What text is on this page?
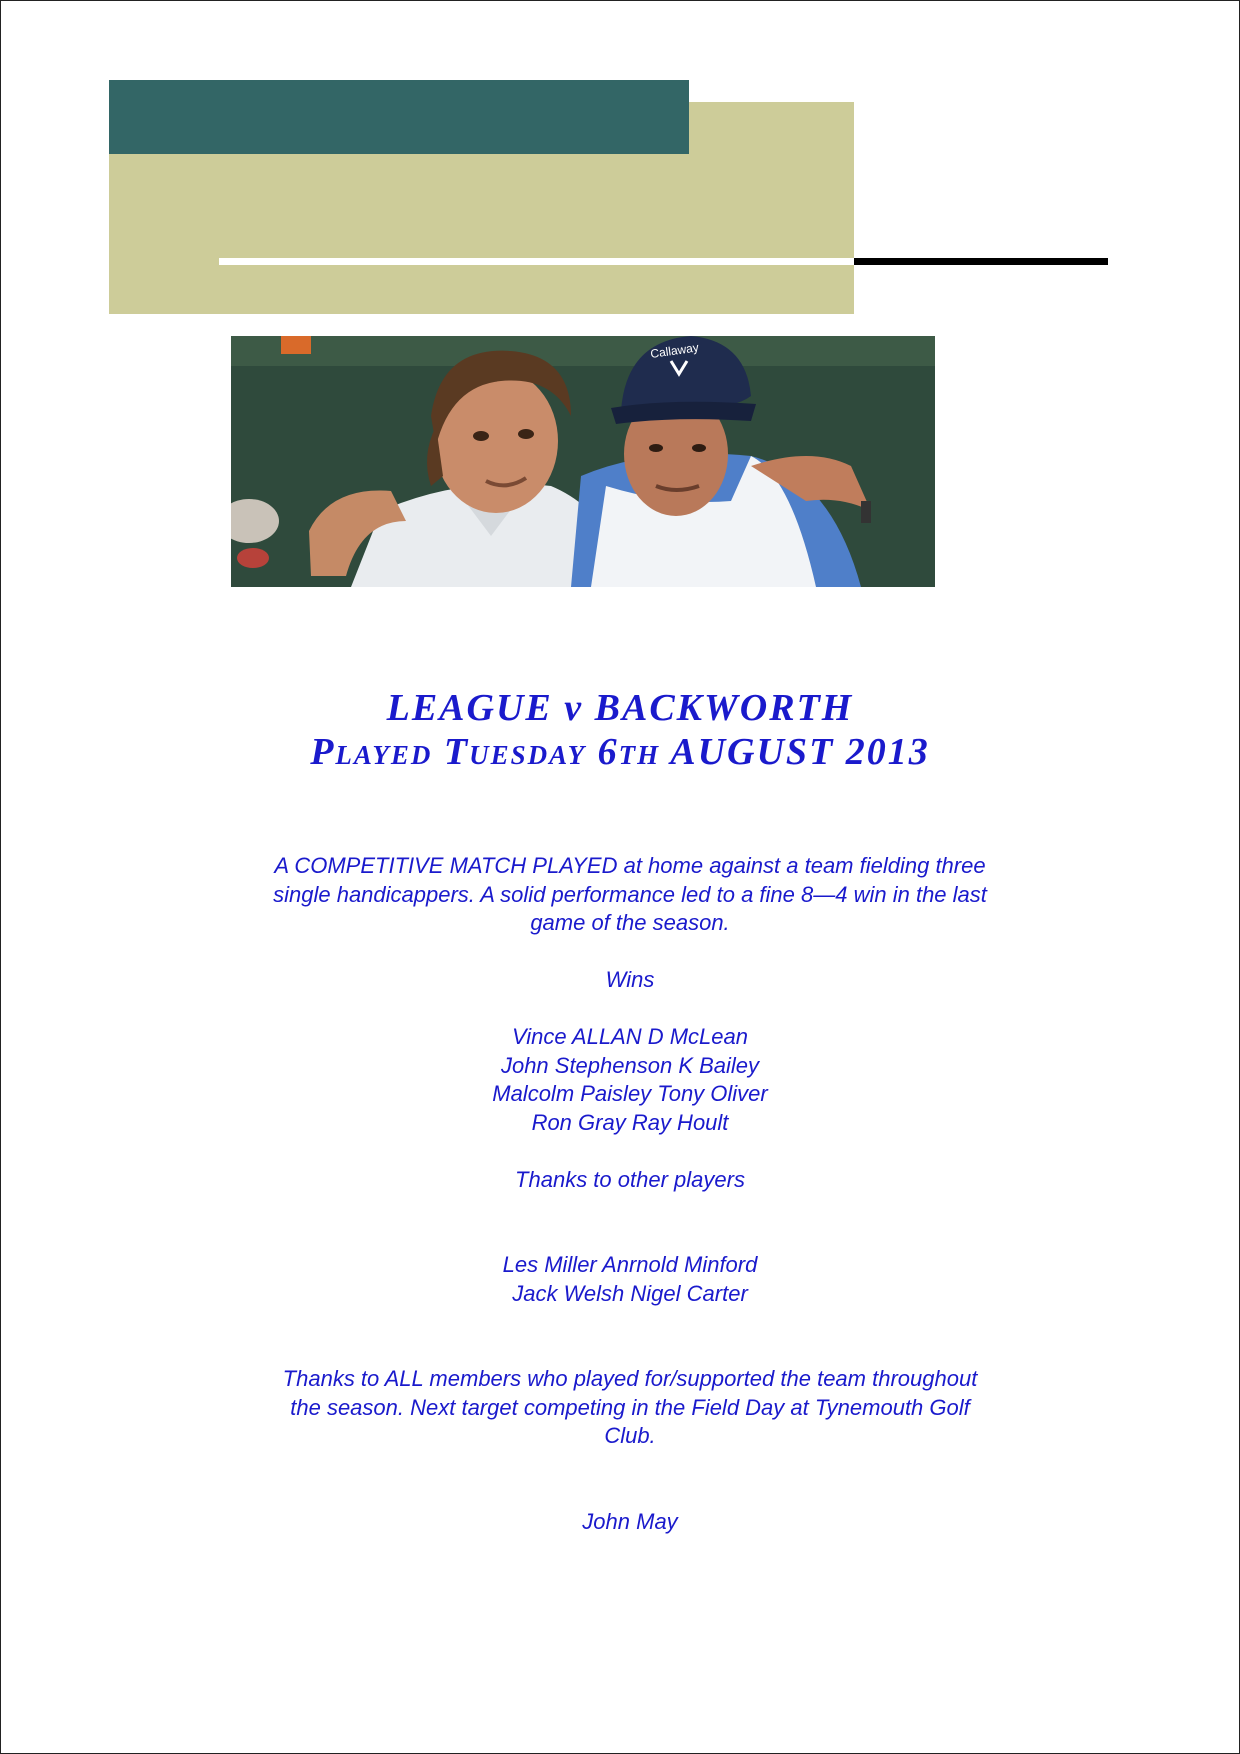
Callaway
LEAGUE v BACKWORTH
Played Tuesday 6th AUGUST 2013

A COMPETITIVE MATCH PLAYED at home against a team fielding three

single handicappers. A solid performance led to a fine 8—4 win in the last

game of the season.

Wins

Vince ALLAN D McLean

John Stephenson K Bailey

Malcolm Paisley Tony Oliver

Ron Gray Ray Hoult

Thanks to other players

Les Miller Anrnold Minford

Jack Welsh Nigel Carter

Thanks to ALL members who played for/supported the team throughout

the season. Next target competing in the Field Day at Tynemouth Golf

Club.

John May
